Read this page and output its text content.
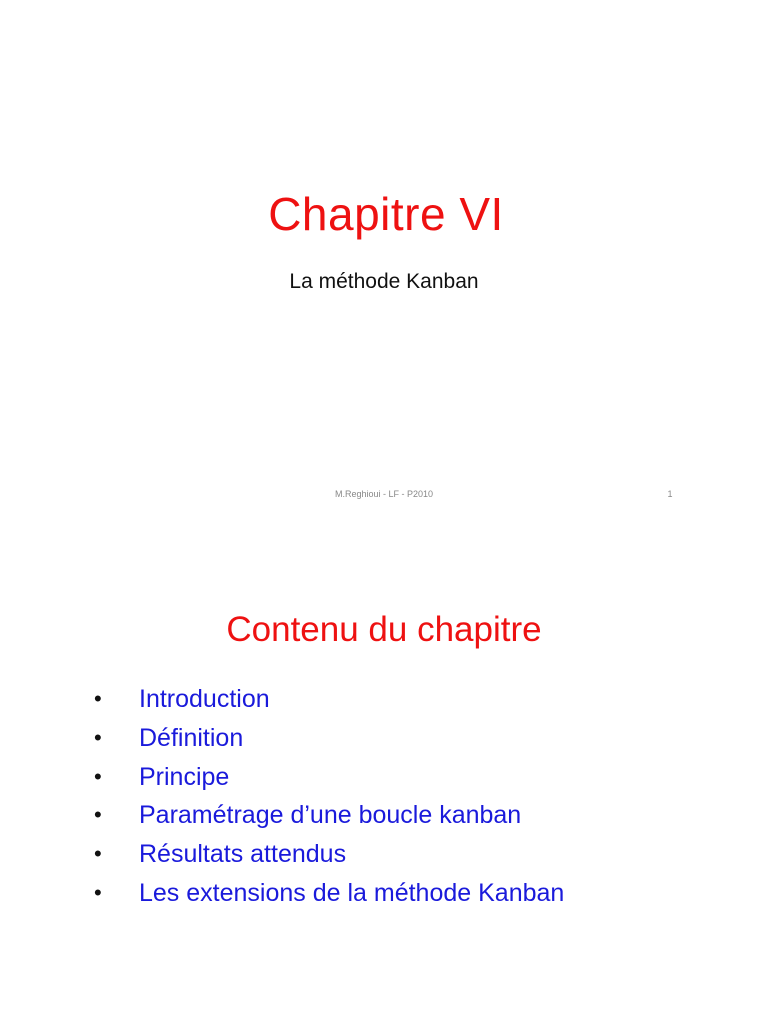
Chapitre VI
La méthode Kanban
M.Reghioui - LF - P2010	1
Contenu du chapitre
• Introduction
• Définition
• Principe
• Paramétrage d’une boucle kanban
• Résultats attendus
• Les extensions de la méthode Kanban
